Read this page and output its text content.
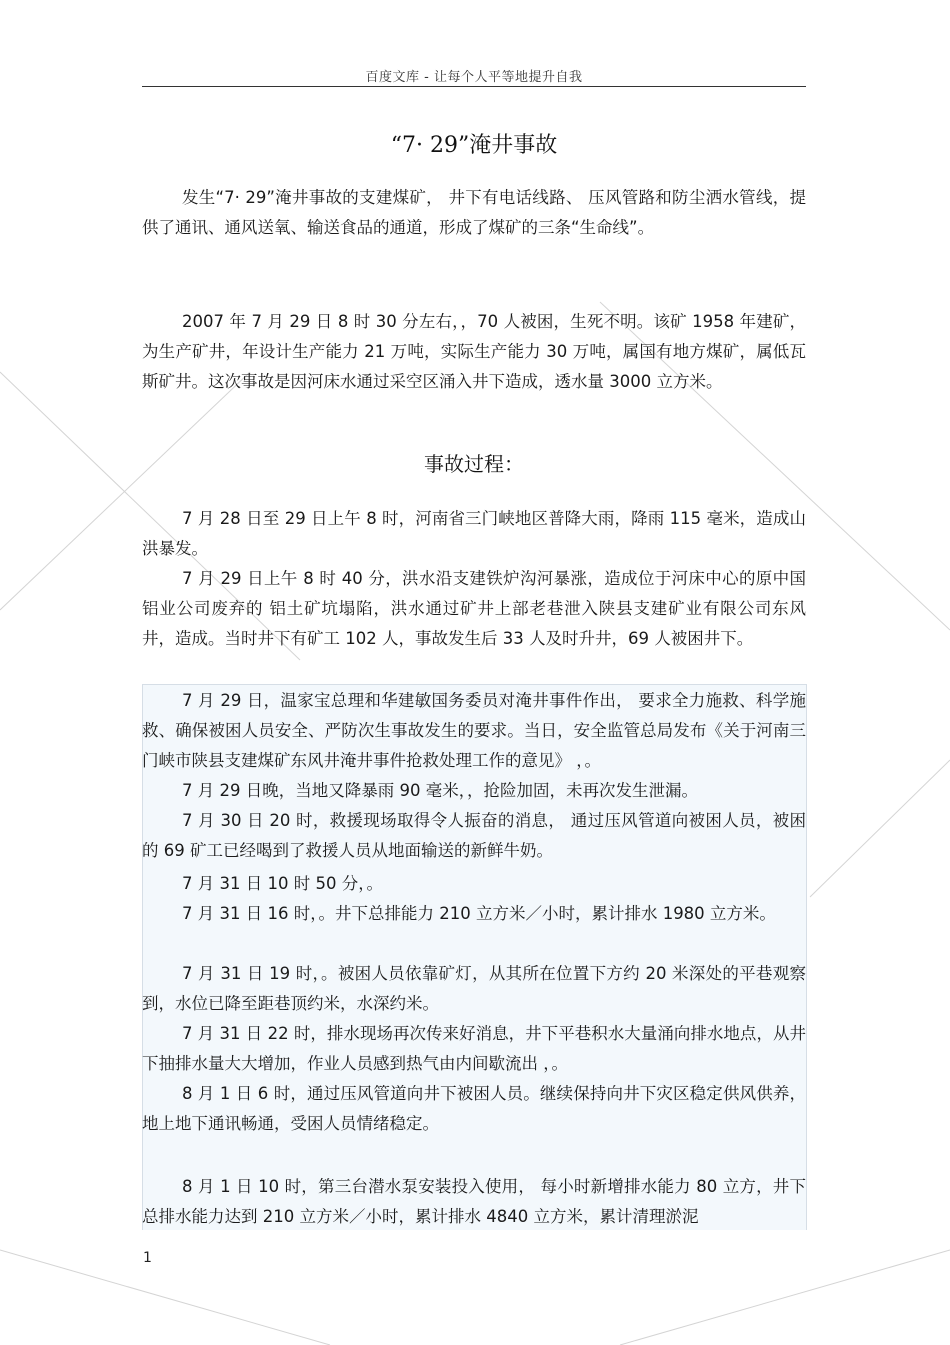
百度文库 - 让每个人平等地提升自我
“7· 29”淹井事故

发生“7· 29”淹井事故的支建煤矿， 井下有电话线路、 压风管路和防尘洒水管线，提供了通讯、通风送氧、输送食品的通道，形成了煤矿的三条“生命线”。

2007 年 7 月 29 日 8 时 30 分左右，，70 人被困，生死不明。该矿 1958 年建矿，为生产矿井，年设计生产能力 21 万吨，实际生产能力 30 万吨，属国有地方煤矿，属低瓦斯矿井。这次事故是因河床水通过采空区涌入井下造成，透水量 3000 立方米。

事故过程：

7 月 28 日至 29 日上午 8 时，河南省三门峡地区普降大雨，降雨 115 毫米，造成山洪暴发。

7 月 29 日上午 8 时 40 分，洪水沿支建铁炉沟河暴涨，造成位于河床中心的原中国铝业公司废弃的 铝土矿坑塌陷，洪水通过矿井上部老巷泄入陕县支建矿业有限公司东风井，造成。当时井下有矿工 102 人，事故发生后 33 人及时升井，69 人被困井下。

7 月 29 日，温家宝总理和华建敏国务委员对淹井事件作出， 要求全力施救、科学施救、确保被困人员安全、严防次生事故发生的要求。当日，安全监管总局发布《关于河南三门峡市陕县支建煤矿东风井淹井事件抢救处理工作的意见》 ，。

7 月 29 日晚，当地又降暴雨 90 毫米，，抢险加固，未再次发生泄漏。

7 月 30 日 20 时，救援现场取得令人振奋的消息， 通过压风管道向被困人员，被困的 69 矿工已经喝到了救援人员从地面输送的新鲜牛奶。

7 月 31 日 10 时 50 分，。

7 月 31 日 16 时，。井下总排能力 210 立方米／小时，累计排水 1980 立方米。

7 月 31 日 19 时，。被困人员依靠矿灯，从其所在位置下方约 20 米深处的平巷观察到，水位已降至距巷顶约米，水深约米。

7 月 31 日 22 时，排水现场再次传来好消息，井下平巷积水大量涌向排水地点，从井下抽排水量大大增加，作业人员感到热气由内间歇流出 ，。

8 月 1 日 6 时，通过压风管道向井下被困人员。继续保持向井下灾区稳定供风供养，地上地下通讯畅通，受困人员情绪稳定。

8 月 1 日 10 时，第三台潜水泵安装投入使用， 每小时新增排水能力 80 立方，井下总排水能力达到 210 立方米／小时，累计排水 4840 立方米，累计清理淤泥

1
